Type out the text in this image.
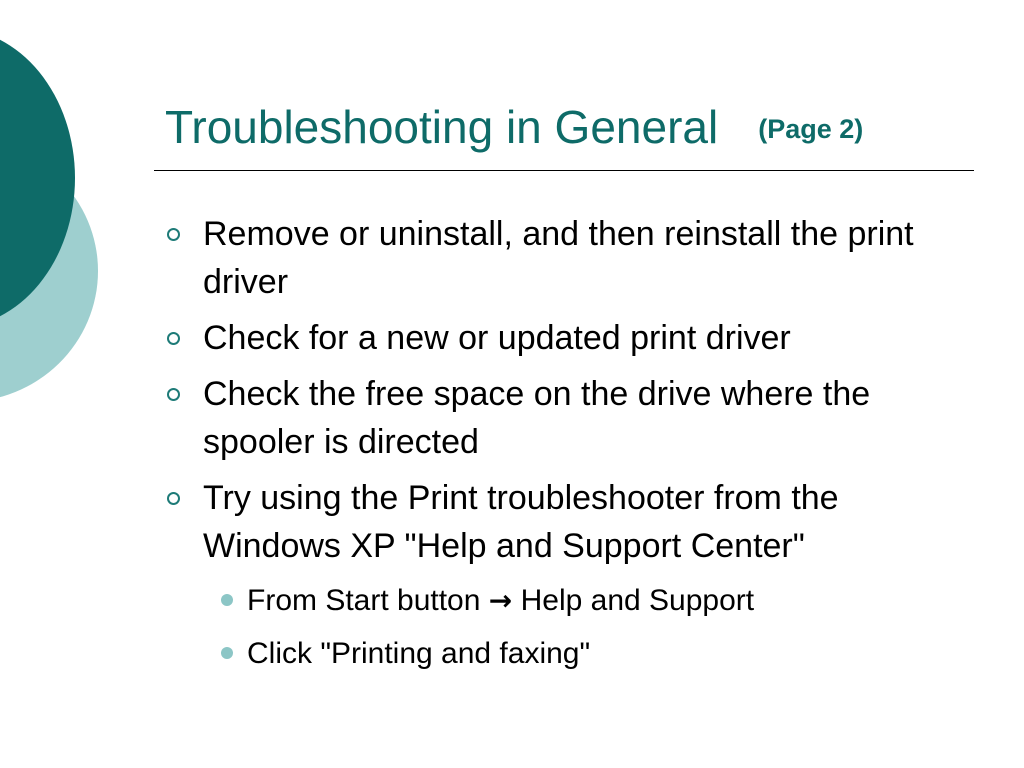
Troubleshooting in General (Page 2)
Remove or uninstall, and then reinstall the print driver
Check for a new or updated print driver
Check the free space on the drive where the spooler is directed
Try using the Print troubleshooter from the Windows XP "Help and Support Center"
From Start button → Help and Support
Click "Printing and faxing"
